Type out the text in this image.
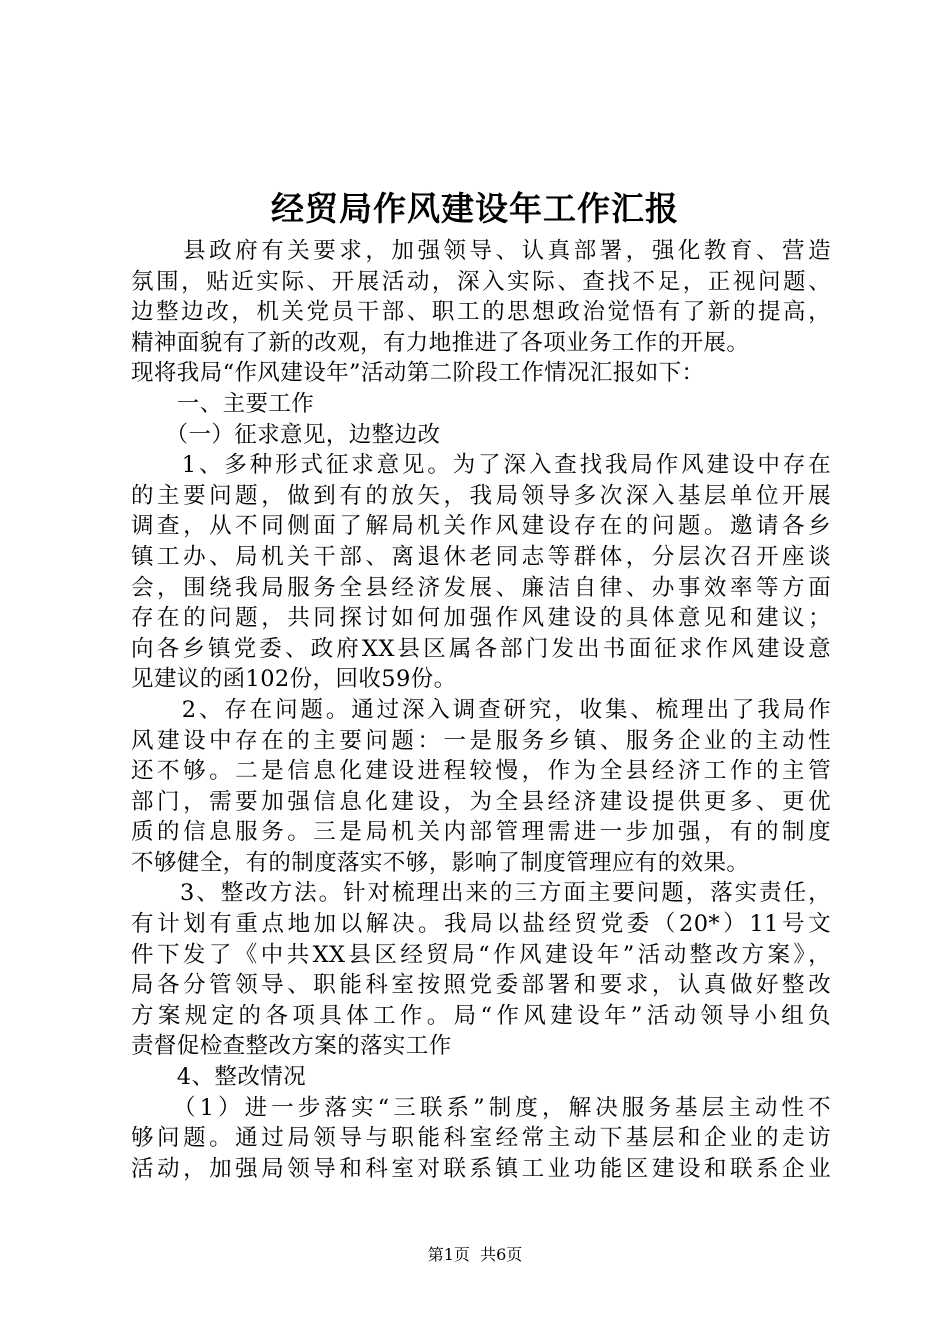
经贸局作风建设年工作汇报
　　县政府有关要求，加强领导、认真部署，强化教育、营造
氛围，贴近实际、开展活动，深入实际、查找不足，正视问题、
边整边改，机关党员干部、职工的思想政治觉悟有了新的提高，
精神面貌有了新的改观，有力地推进了各项业务工作的开展。
现将我局“作风建设年”活动第二阶段工作情况汇报如下：
　　一、主要工作
　　（一）征求意见，边整边改
　　1、多种形式征求意见。为了深入查找我局作风建设中存在
的主要问题，做到有的放矢，我局领导多次深入基层单位开展
调查，从不同侧面了解局机关作风建设存在的问题。邀请各乡
镇工办、局机关干部、离退休老同志等群体，分层次召开座谈
会，围绕我局服务全县经济发展、廉洁自律、办事效率等方面
存在的问题，共同探讨如何加强作风建设的具体意见和建议；
向各乡镇党委、政府XX县区属各部门发出书面征求作风建设意
见建议的函102份，回收59份。
　　2、存在问题。通过深入调查研究，收集、梳理出了我局作
风建设中存在的主要问题：一是服务乡镇、服务企业的主动性
还不够。二是信息化建设进程较慢，作为全县经济工作的主管
部门，需要加强信息化建设，为全县经济建设提供更多、更优
质的信息服务。三是局机关内部管理需进一步加强，有的制度
不够健全，有的制度落实不够，影响了制度管理应有的效果。
　　3、整改方法。针对梳理出来的三方面主要问题，落实责任，
有计划有重点地加以解决。我局以盐经贸党委（20*）11号文
件下发了《中共XX县区经贸局“作风建设年”活动整改方案》，
局各分管领导、职能科室按照党委部署和要求，认真做好整改
方案规定的各项具体工作。局“作风建设年”活动领导小组负
责督促检查整改方案的落实工作
　　4、整改情况
　　（1）进一步落实“三联系”制度，解决服务基层主动性不
够问题。通过局领导与职能科室经常主动下基层和企业的走访
活动，加强局领导和科室对联系镇工业功能区建设和联系企业
第1页  共6页
